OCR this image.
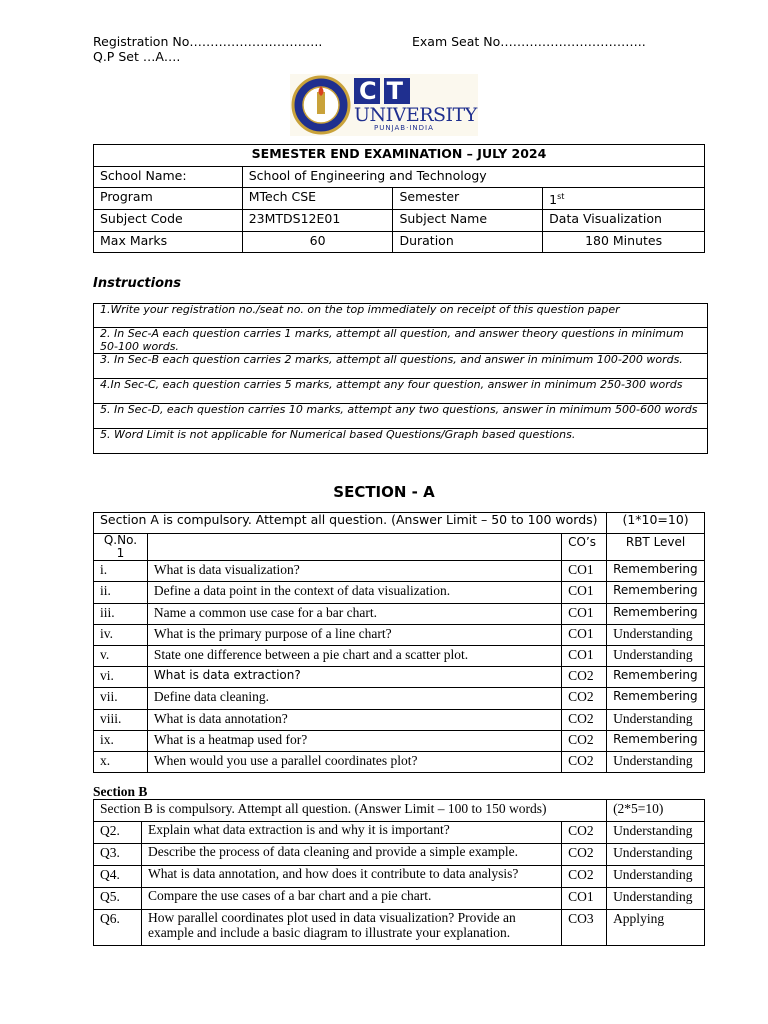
Registration No…………………………..	Exam Seat No……………………………..
Q.P Set …A….
CT
UNIVERSITY
PUNJAB·INDIA
SEMESTER END EXAMINATION – JULY 2024			
School Name:	School of Engineering and Technology		
Program	MTech CSE	Semester	1st
Subject Code	23MTDS12E01	Subject Name	Data Visualization
Max Marks	60	Duration	180 Minutes
Instructions
1.Write your registration no./seat no. on the top immediately on receipt of this question paper
2. In Sec-A each question carries 1 marks, attempt all question, and answer theory questions in minimum 50-100 words.
3. In Sec-B each question carries 2 marks, attempt all questions, and answer in minimum 100-200 words.
4.In Sec-C, each question carries 5 marks, attempt any four question, answer in minimum 250-300 words
5. In Sec-D, each question carries 10 marks, attempt any two questions, answer in minimum 500-600 words
5. Word Limit is not applicable for Numerical based Questions/Graph based questions.
SECTION - A
Section A is compulsory. Attempt all question. (Answer Limit – 50 to 100 words)			(1*10=10)
Q.No.
1		CO’s	RBT Level
i.	What is data visualization?	CO1	Remembering
ii.	Define a data point in the context of data visualization.	CO1	Remembering
iii.	Name a common use case for a bar chart.	CO1	Remembering
iv.	What is the primary purpose of a line chart?	CO1	Understanding
v.	State one difference between a pie chart and a scatter plot.	CO1	Understanding
vi.	What is data extraction?	CO2	Remembering
vii.	Define data cleaning.	CO2	Remembering
viii.	What is data annotation?	CO2	Understanding
ix.	What is a heatmap used for?	CO2	Remembering
x.	When would you use a parallel coordinates plot?	CO2	Understanding
Section B
Section B is compulsory. Attempt all question. (Answer Limit – 100 to 150 words)			(2*5=10)
Q2.	Explain what data extraction is and why it is important?	CO2	Understanding
Q3.	Describe the process of data cleaning and provide a simple example.	CO2	Understanding
Q4.	What is data annotation, and how does it contribute to data analysis?	CO2	Understanding
Q5.	Compare the use cases of a bar chart and a pie chart.	CO1	Understanding
Q6.	How parallel coordinates plot used in data visualization? Provide an example and include a basic diagram to illustrate your explanation.	CO3	Applying
